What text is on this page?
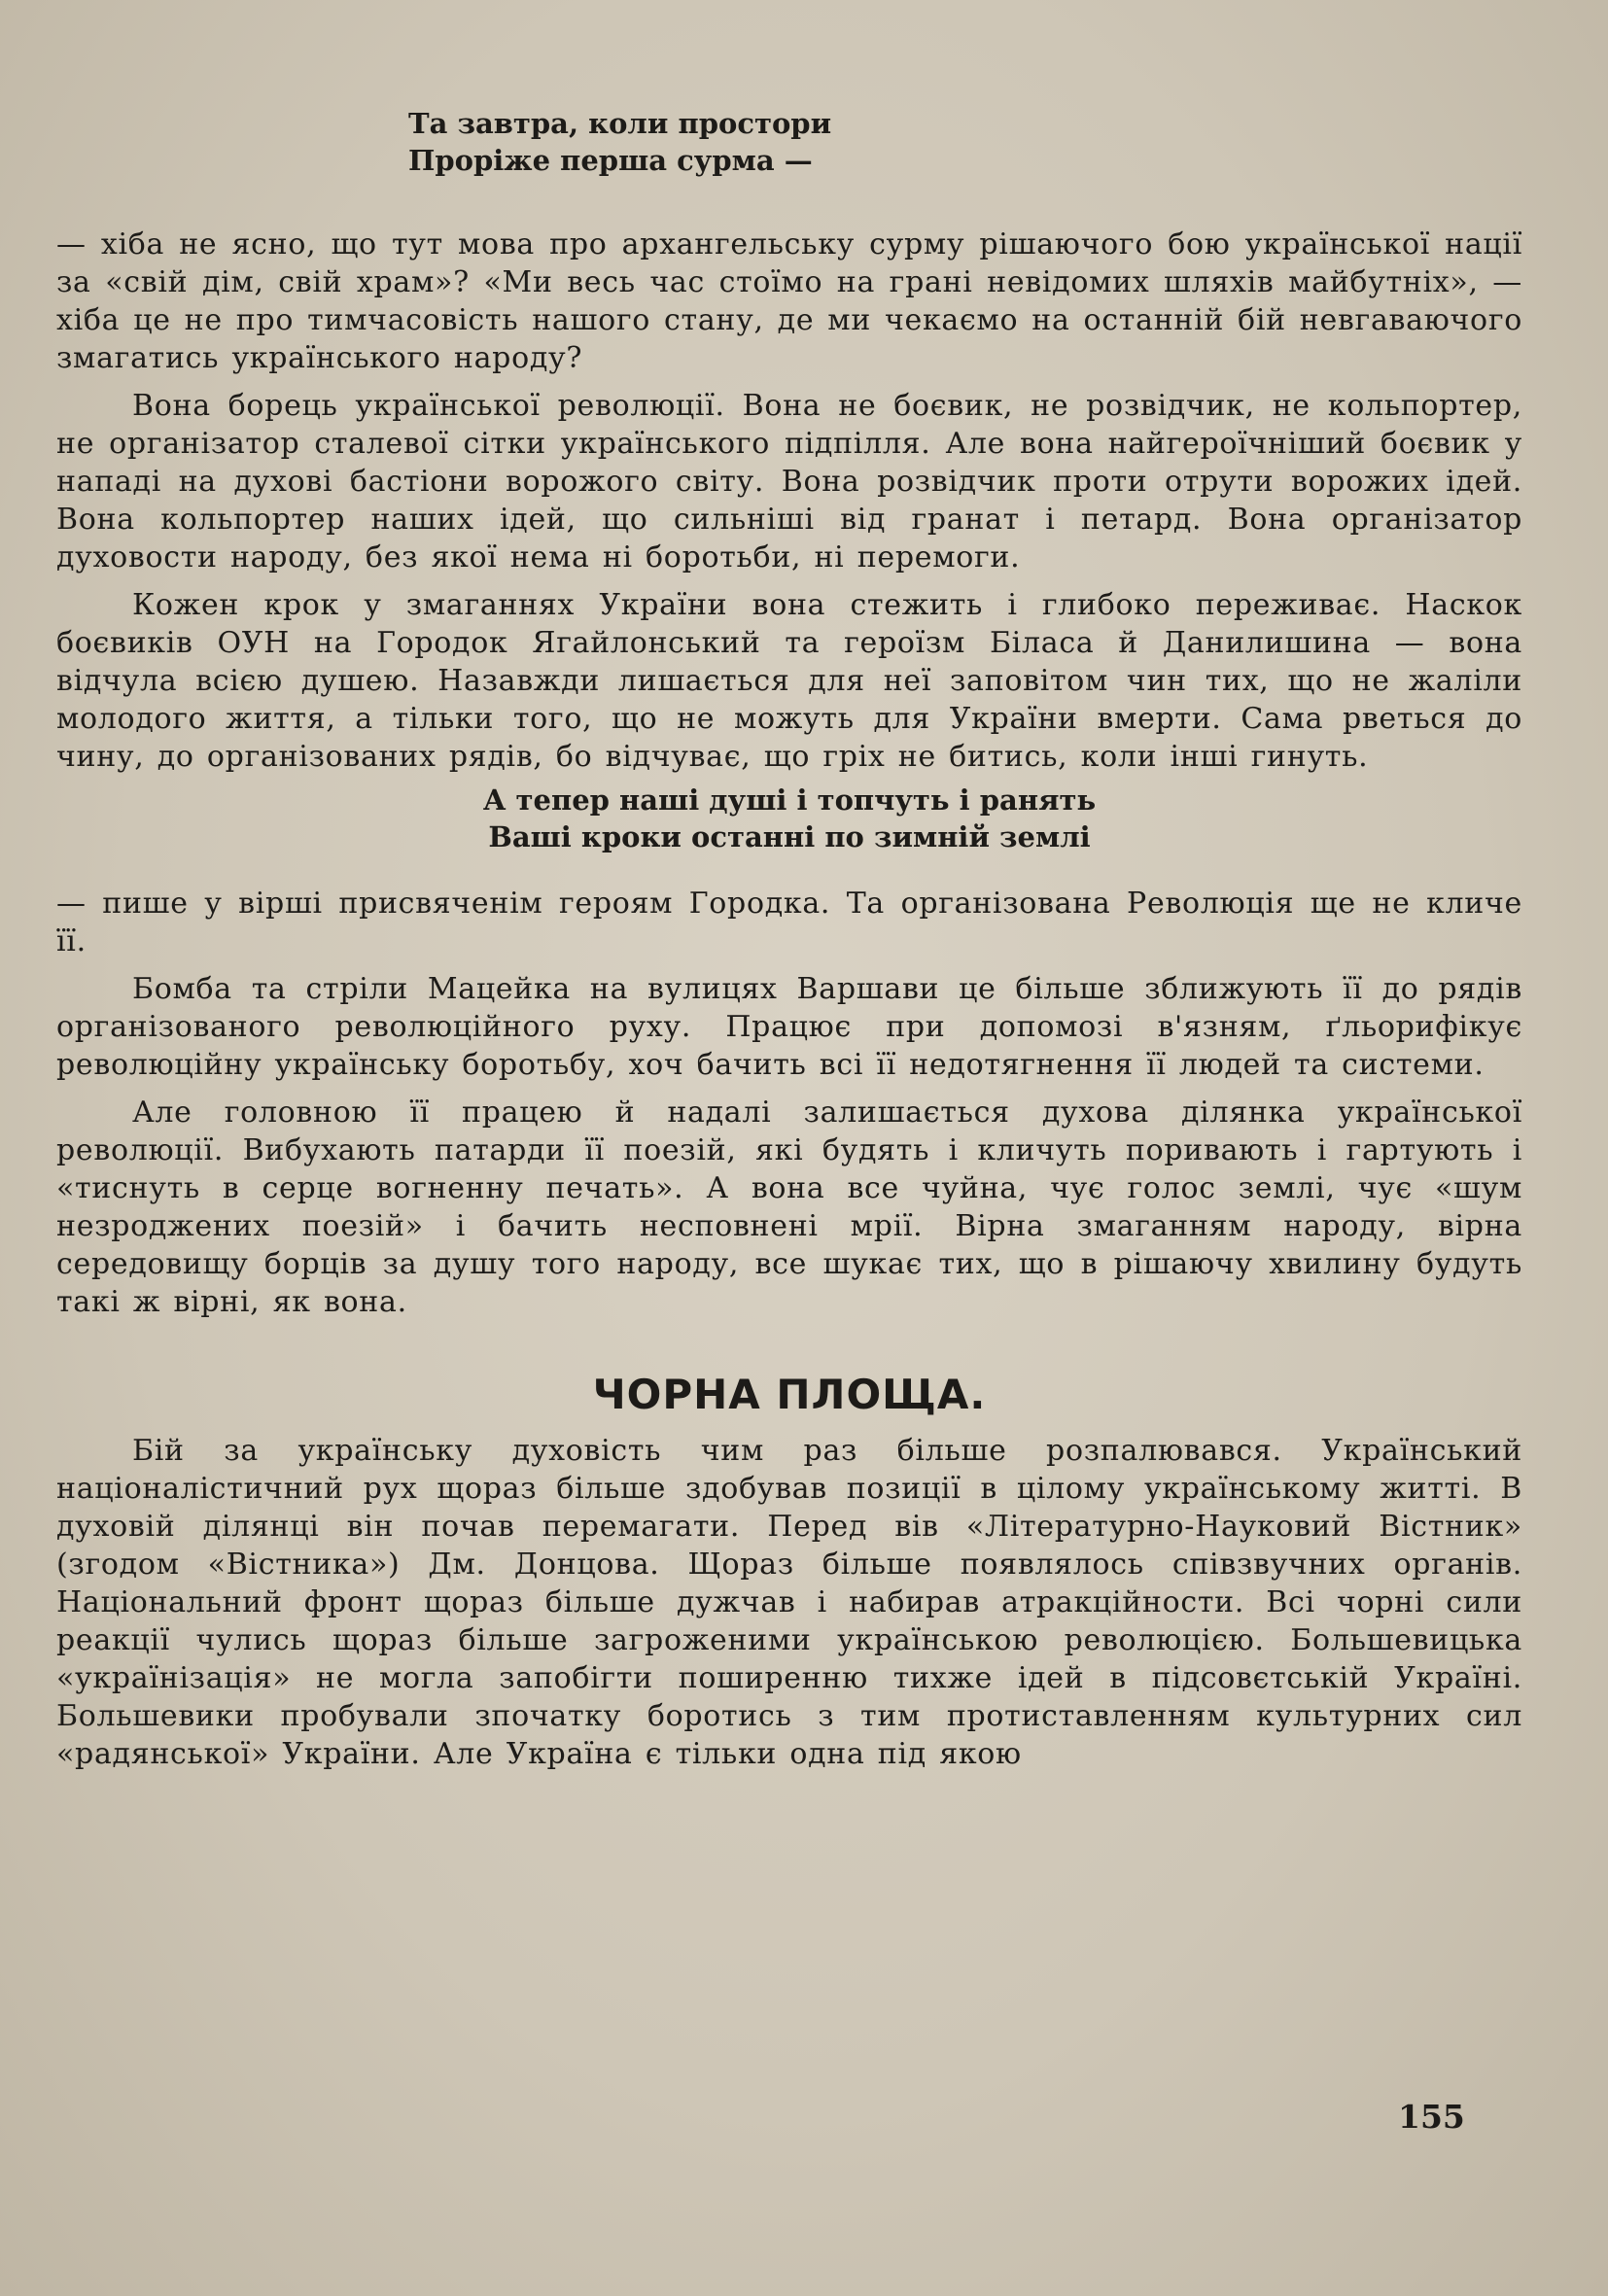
Та завтра, коли простори
Проріже перша сурма —

— хіба не ясно, що тут мова про архангельську сурму рішаючого бою української нації за «свій дім, свій храм»? «Ми весь час стоїмо на грані невідомих шляхів майбутніх», — хіба це не про тимчасовість нашого стану, де ми чекаємо на останній бій невгаваючого змагатись українського народу?

Вона борець української революції. Вона не боєвик, не розвідчик, не кольпортер, не організатор сталевої сітки українського підпілля. Але вона найгероїчніший боєвик у нападі на духові бастіони ворожого світу. Вона розвідчик проти отрути ворожих ідей. Вона кольпортер наших ідей, що сильніші від гранат і петард. Вона організатор духовости народу, без якої нема ні боротьби, ні перемоги.

Кожен крок у змаганнях України вона стежить і глибоко переживає. Наскок боєвиків ОУН на Городок Ягайлонський та героїзм Біласа й Данилишина — вона відчула всією душею. Назавжди лишається для неї заповітом чин тих, що не жаліли молодого життя, а тільки того, що не можуть для України вмерти. Сама рветься до чину, до організованих рядів, бо відчуває, що гріх не битись, коли інші гинуть.

А тепер наші душі і топчуть і ранять
Ваші кроки останні по зимній землі

— пише у вірші присвяченім героям Городка. Та організована Революція ще не кличе її.

Бомба та стріли Мацейка на вулицях Варшави це більше зближують її до рядів організованого революційного руху. Працює при допомозі в'язням, ґльорифікує революційну українську боротьбу, хоч бачить всі її недотягнення її людей та системи.

Але головною її працею й надалі залишається духова ділянка української революції. Вибухають патарди її поезій, які будять і кличуть поривають і гартують і «тиснуть в серце вогненну печать». А вона все чуйна, чує голос землі, чує «шум незроджених поезій» і бачить несповнені мрії. Вірна змаганням народу, вірна середовищу борців за душу того народу, все шукає тих, що в рішаючу хвилину будуть такі ж вірні, як вона.

ЧОРНА ПЛОЩА.

Бій за українську духовість чим раз більше розпалювався. Український націоналістичний рух щораз більше здобував позиції в цілому українському житті. В духовій ділянці він почав перемагати. Перед вів «Літературно-Науковий Вістник» (згодом «Вістника») Дм. Донцова. Щораз більше появлялось співзвучних органів. Національний фронт щораз більше дужчав і набирав атракційности. Всі чорні сили реакції чулись щораз більше загроженими українською революцією. Большевицька «українізація» не могла запобігти поширенню тихже ідей в підсовєтській Україні. Большевики пробували зпочатку боротись з тим протиставленням культурних сил «радянської» України. Але Україна є тільки одна під якою

155
